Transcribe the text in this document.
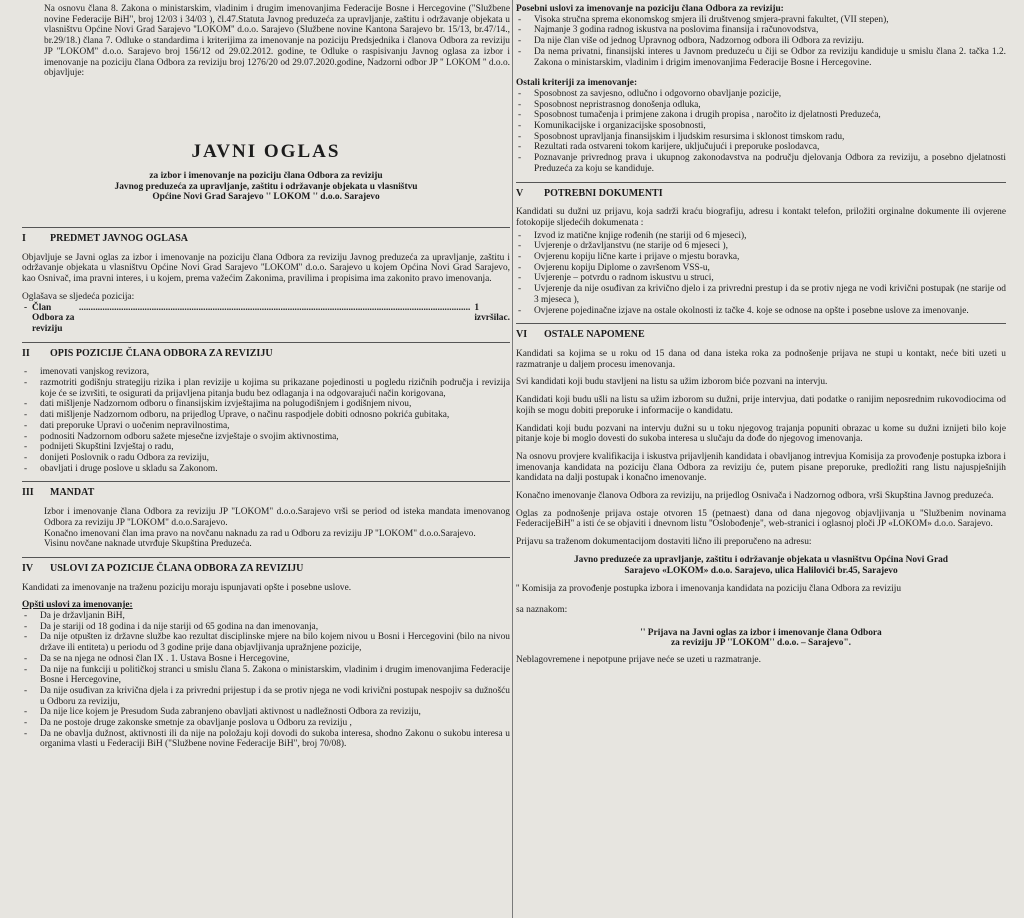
Na osnovu člana 8. Zakona o ministarskim, vladinim i drugim imenovanjima Federacije Bosne i Hercegovine ("Službene novine Federacije BiH", broj 12/03 i 34/03 ), čl.47.Statuta Javnog preduzeća za upravljanje, zaštitu i održavanje objekata u vlasništvu Općine Novi Grad Sarajevo ''LOKOM'' d.o.o. Sarajevo (Službene novine Kantona Sarajevo br. 15/13, br.47/14., br.29/18.) člana 7. Odluke o standardima i kriterijima za imenovanje na poziciju Predsjednika i članova Odbora za reviziju JP ''LOKOM'' d.o.o. Sarajevo broj 156/12 od 29.02.2012. godine, te Odluke o raspisivanju Javnog oglasa za izbor i imenovanje na poziciju člana Odbora za reviziju broj 1276/20 od 29.07.2020.godine, Nadzorni odbor JP '' LOKOM '' d.o.o. objavljuje:

JAVNI OGLAS
za izbor i imenovanje na poziciju člana Odbora za reviziju
Javnog preduzeća za upravljanje, zaštitu i održavanje objekata u vlasništvu
Općine Novi Grad Sarajevo '' LOKOM '' d.o.o. Sarajevo
I PREDMET JAVNOG OGLASA

Objavljuje se Javni oglas za izbor i imenovanje na poziciju člana Odbora za reviziju Javnog preduzeća za upravljanje, zaštitu i održavanje objekata u vlasništvu Općine Novi Grad Sarajevo ''LOKOM'' d.o.o. Sarajevo u kojem Općina Novi Grad Sarajevo, kao Osnivač, ima pravni interes, i u kojem, prema važećim Zakonima, pravilima i propisima ima zakonito pravo imenovanja.

Oglašava se sljedeća pozicija:
- Član Odbora za reviziju
....................................................................................................................................................................... 1 izvršilac.
II OPIS POZICIJE ČLANA ODBORA ZA REVIZIJU
- imenovati vanjskog revizora,
- razmotriti godišnju strategiju rizika i plan revizije u kojima su prikazane pojedinosti u pogledu rizičnih područja i revizija koje će se izvršiti, te osigurati da prijavljena pitanja budu bez odlaganja i na odgovarajući način korigovana,
- dati mišljenje Nadzornom odboru o finansijskim izvještajima na polugodišnjem i godišnjem nivou,
- dati mišljenje Nadzornom odboru, na prijedlog Uprave, o načinu raspodjele dobiti odnosno pokrića gubitaka,
- dati preporuke Upravi o uočenim nepravilnostima,
- podnositi Nadzornom odboru sažete mjesečne izvještaje o svojim aktivnostima,
- podnijeti Skupštini Izvještaj o radu,
- donijeti Poslovnik o radu Odbora za reviziju,
- obavljati i druge poslove u skladu sa Zakonom.
III MANDAT

Izbor i imenovanje člana Odbora za reviziju JP "LOKOM" d.o.o.Sarajevo vrši se period od isteka mandata imenovanog Odbora za reviziju JP "LOKOM" d.o.o.Sarajevo.

Konačno imenovani član ima pravo na novčanu naknadu za rad u Odboru za reviziju JP "LOKOM" d.o.o.Sarajevo.

Visinu novčane naknade utvrđuje Skupština Preduzeća.

IV USLOVI ZA POZICIJE ČLANA ODBORA ZA REVIZIJU

Kandidati za imenovanje na traženu poziciju moraju ispunjavati opšte i posebne uslove.

Opšti uslovi za imenovanje:
- Da je državljanin BiH,
- Da je stariji od 18 godina i da nije stariji od 65 godina na dan imenovanja,
- Da nije otpušten iz državne službe kao rezultat disciplinske mjere na bilo kojem nivou u Bosni i Hercegovini (bilo na nivou države ili entiteta) u periodu od 3 godine prije dana objavljivanja upražnjene pozicije,
- Da se na njega ne odnosi član IX . 1. Ustava Bosne i Hercegovine,
- Da nije na funkciji u političkoj stranci u smislu člana 5. Zakona o ministarskim, vladinim i drugim imenovanjima Federacije Bosne i Hercegovine,
- Da nije osuđivan za krivična djela i za privredni prijestup i da se protiv njega ne vodi krivični postupak nespojiv sa dužnošću u Odboru za reviziju,
- Da nije lice kojem je Presudom Suda zabranjeno obavljati aktivnost u nadležnosti Odbora za reviziju,
- Da ne postoje druge zakonske smetnje za obavljanje poslova u Odboru za reviziju ,
- Da ne obavlja dužnost, aktivnosti ili da nije na položaju koji dovodi do sukoba interesa, shodno Zakonu o sukobu interesa u organima vlasti u Federaciji BiH ("Službene novine Federacije BiH", broj 70/08).
Posebni uslovi za imenovanje na poziciju člana Odbora za reviziju:
- Visoka stručna sprema ekonomskog smjera ili društvenog smjera-pravni fakultet, (VII stepen),
- Najmanje 3 godina radnog iskustva na poslovima finansija i računovodstva,
- Da nije član više od jednog Upravnog odbora, Nadzornog odbora ili Odbora za reviziju.
- Da nema privatni, finansijski interes u Javnom preduzeću u čiji se Odbor za reviziju kandiduje u smislu člana 2. tačka 1.2. Zakona o ministarskim, vladinim i drigim imenovanjima Federacije Bosne i Hercegovine.
Ostali kriteriji za imenovanje:
- Sposobnost za savjesno, odlučno i odgovorno obavljanje pozicije,
- Sposobnost nepristrasnog donošenja odluka,
- Sposobnost tumačenja i primjene zakona i drugih propisa , naročito iz djelatnosti Preduzeća,
- Komunikacijske i organizacijske sposobnosti,
- Sposobnost upravljanja finansijskim i ljudskim resursima i sklonost timskom radu,
- Rezultati rada ostvareni tokom karijere, uključujući i preporuke poslodavca,
- Poznavanje privrednog prava i ukupnog zakonodavstva na području djelovanja Odbora za reviziju, a posebno djelatnosti Preduzeća za koju se kandiduje.
V POTREBNI DOKUMENTI

Kandidati su dužni uz prijavu, koja sadrži kraću biografiju, adresu i kontakt telefon, priložiti orginalne dokumente ili ovjerene fotokopije sljedećih dokumenata :

- Izvod iz matične knjige rođenih (ne stariji od 6 mjeseci),
- Uvjerenje o državljanstvu (ne starije od 6 mjeseci ),
- Ovjerenu kopiju lične karte i prijave o mjestu boravka,
- Ovjerenu kopiju Diplome o završenom VSS-u,
- Uvjerenje – potvrdu o radnom iskustvu u struci,
- Uvjerenje da nije osuđivan za krivično djelo i za privredni prestup i da se protiv njega ne vodi krivični postupak (ne starije od 3 mjeseca ),
- Ovjerene pojedinačne izjave na ostale okolnosti iz tačke 4. koje se odnose na opšte i posebne uslove za imenovanje.
VI OSTALE NAPOMENE

Kandidati sa kojima se u roku od 15 dana od dana isteka roka za podnošenje prijava ne stupi u kontakt, neće biti uzeti u razmatranje u daljem procesu imenovanja.

Svi kandidati koji budu stavljeni na listu sa užim izborom biće pozvani na intervju.

Kandidati koji budu ušli na listu sa užim izborom su dužni, prije intervjua, dati podatke o ranijim neposrednim rukovodiocima od kojih se mogu dobiti preporuke i informacije o kandidatu.

Kandidati koji budu pozvani na intervju dužni su u toku njegovog trajanja popuniti obrazac u kome su dužni iznijeti bilo koje pitanje koje bi moglo dovesti do sukoba interesa u slučaju da dođe do njegovog imenovanja.

Na osnovu provjere kvalifikacija i iskustva prijavljenih kandidata i obavljanog intrevjua Komisija za provođenje postupka izbora i imenovanja kandidata na poziciju člana Odbora za reviziju će, putem pisane preporuke, predložiti rang listu najuspješnijih kandidata na dalji postupak i konačno imenovanje.

Konačno imenovanje članova Odbora za reviziju, na prijedlog Osnivača i Nadzornog odbora, vrši Skupština Javnog preduzeća.

Oglas za podnošenje prijava ostaje otvoren 15 (petnaest) dana od dana njegovog objavljivanja u ''Službenim novinama FederacijeBiH'' a isti će se objaviti i dnevnom listu ''Oslobođenje", web-stranici i oglasnoj ploči JP «LOKOM» d.o.o. Sarajevo.

Prijavu sa traženom dokumentacijom dostaviti lično ili preporučeno na adresu:

Javno preduzeće za upravljanje, zaštitu i održavanje objekata u vlasništvu Općina Novi Grad
Sarajevo «LOKOM» d.o.o. Sarajevo, ulica Halilovići br.45, Sarajevo

'' Komisija za provođenje postupka izbora i imenovanja kandidata na poziciju člana Odbora za reviziju

sa naznakom:

'' Prijava na Javni oglas za izbor i imenovanje člana Odbora
za reviziju JP ''LOKOM'' d.o.o. – Sarajevo".

Neblagovremene i nepotpune prijave neće se uzeti u razmatranje.
